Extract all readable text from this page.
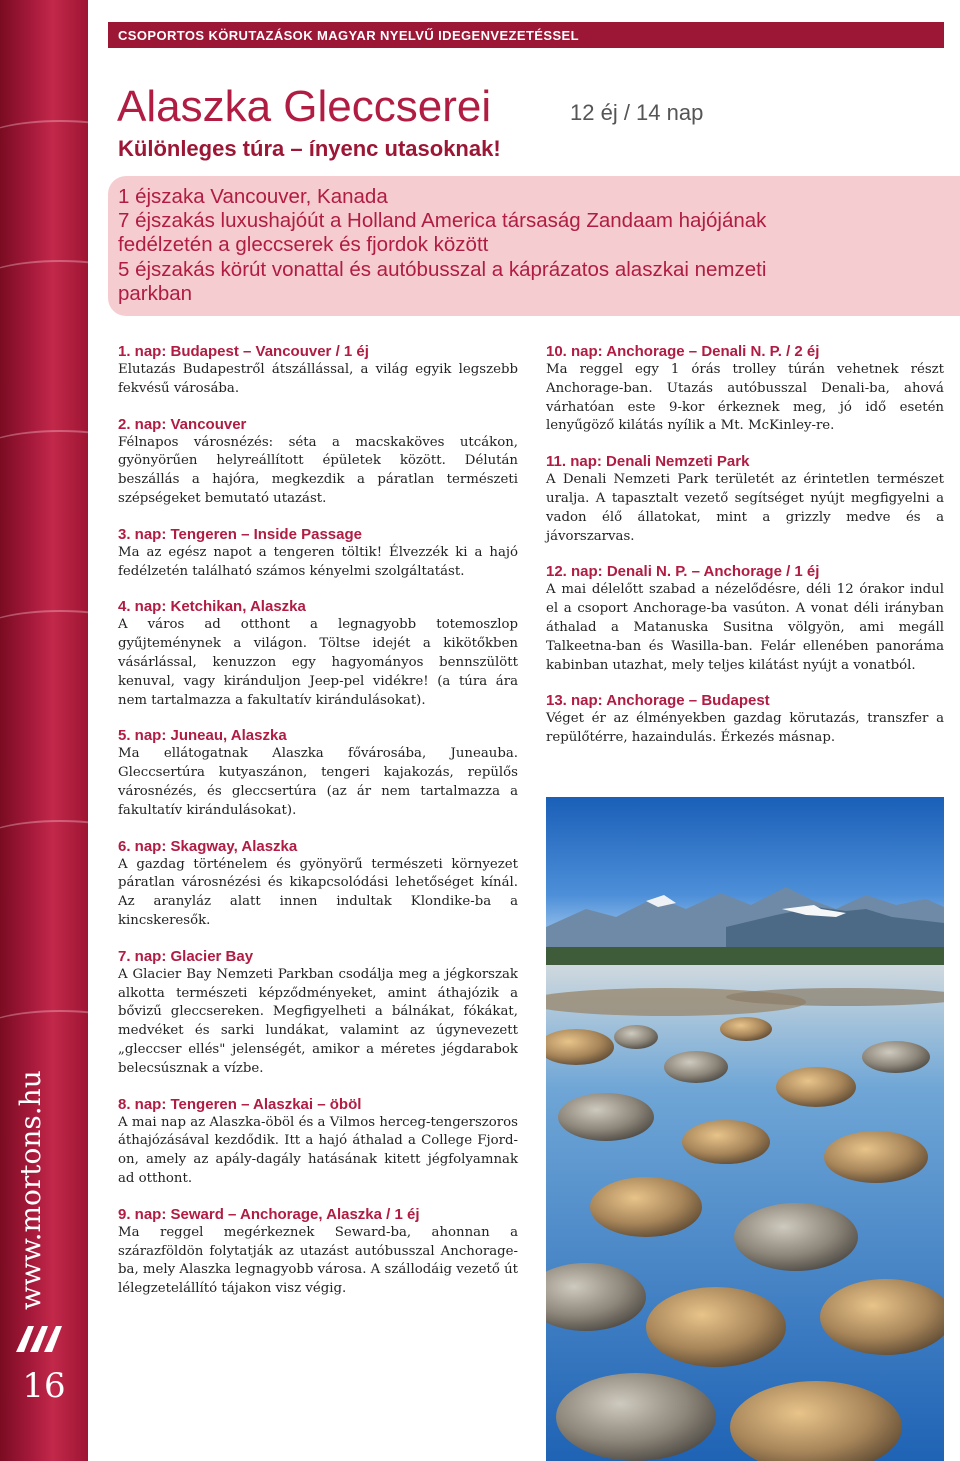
www.mortons.hu
16
CSOPORTOS KÖRUTAZÁSOK MAGYAR NYELVŰ IDEGENVEZETÉSSEL
Alaszka Gleccserei	12 éj / 14 nap
Különleges túra – ínyenc utasoknak!
1 éjszaka Vancouver, Kanada
7 éjszakás luxushajóút a Holland America társaság Zandaam hajójának
fedélzetén a gleccserek és fjordok között
5 éjszakás körút vonattal és autóbusszal a káprázatos alaszkai nemzeti
parkban
1. nap: Budapest – Vancouver / 1 éj
Elutazás Budapestről átszállással, a világ egyik legszebb fekvésű városába.
2. nap: Vancouver
Félnapos városnézés: séta a macskaköves utcákon, gyönyörűen helyreállított épületek között. Délután beszállás a hajóra, megkezdik a páratlan természeti szépségeket bemutató utazást.
3. nap: Tengeren – Inside Passage
Ma az egész napot a tengeren töltik! Élvezzék ki a hajó fedélzetén található számos kényelmi szolgáltatást.
4. nap: Ketchikan, Alaszka
A város ad otthont a legnagyobb totemoszlop gyűjteménynek a világon. Töltse idejét a kikötőkben vásárlással, kenuzzon egy hagyományos bennszülött kenuval, vagy kiránduljon Jeep-pel vidékre! (a túra ára nem tartalmazza a fakultatív kirándulásokat).
5. nap: Juneau, Alaszka
Ma ellátogatnak Alaszka fővárosába, Juneauba. Gleccsertúra kutyaszánon, tengeri kajakozás, repülős városnézés, és gleccsertúra (az ár nem tartalmazza a fakultatív kirándulásokat).
6. nap: Skagway, Alaszka
A gazdag történelem és gyönyörű természeti környezet páratlan városnézési és kikapcsolódási lehetőséget kínál. Az aranyláz alatt innen indultak Klondike-ba a kincskeresők.
7. nap: Glacier Bay
A Glacier Bay Nemzeti Parkban csodálja meg a jégkorszak alkotta természeti képződményeket, amint áthajózik a bővizű gleccsereken. Megfigyelheti a bálnákat, fókákat, medvéket és sarki lundákat, valamint az úgynevezett „gleccser ellés" jelenségét, amikor a méretes jégdarabok belecsúsznak a vízbe.
8. nap: Tengeren – Alaszkai – öböl
A mai nap az Alaszka-öböl és a Vilmos herceg-tengerszoros áthajózásával kezdődik. Itt a hajó áthalad a College Fjord-on, amely az apály-dagály hatásának kitett jégfolyamnak ad otthont.
9. nap: Seward – Anchorage, Alaszka / 1 éj
Ma reggel megérkeznek Seward-ba, ahonnan a szárazföldön folytatják az utazást autóbusszal Anchorage-ba, mely Alaszka legnagyobb városa. A szállodáig vezető út lélegzetelállító tájakon visz végig.
10. nap: Anchorage – Denali N. P. / 2 éj
Ma reggel egy 1 órás trolley túrán vehetnek részt Anchorage-ban. Utazás autóbusszal Denali-ba, ahová várhatóan este 9-kor érkeznek meg, jó idő esetén lenyűgöző kilátás nyílik a Mt. McKinley-re.
11. nap: Denali Nemzeti Park
A Denali Nemzeti Park területét az érintetlen természet uralja. A tapasztalt vezető segítséget nyújt megfigyelni a vadon élő állatokat, mint a grizzly medve és a jávorszarvas.
12. nap: Denali N. P. – Anchorage / 1 éj
A mai délelőtt szabad a nézelődésre, déli 12 órakor indul el a csoport Anchorage-ba vasúton. A vonat déli irányban áthalad a Matanuska Susitna völgyön, ami megáll Talkeetna-ban és Wasilla-ban. Felár ellenében panoráma kabinban utazhat, mely teljes kilátást nyújt a vonatból.
13. nap: Anchorage – Budapest
Véget ér az élményekben gazdag körutazás, transzfer a repülőtérre, hazaindulás. Érkezés másnap.
